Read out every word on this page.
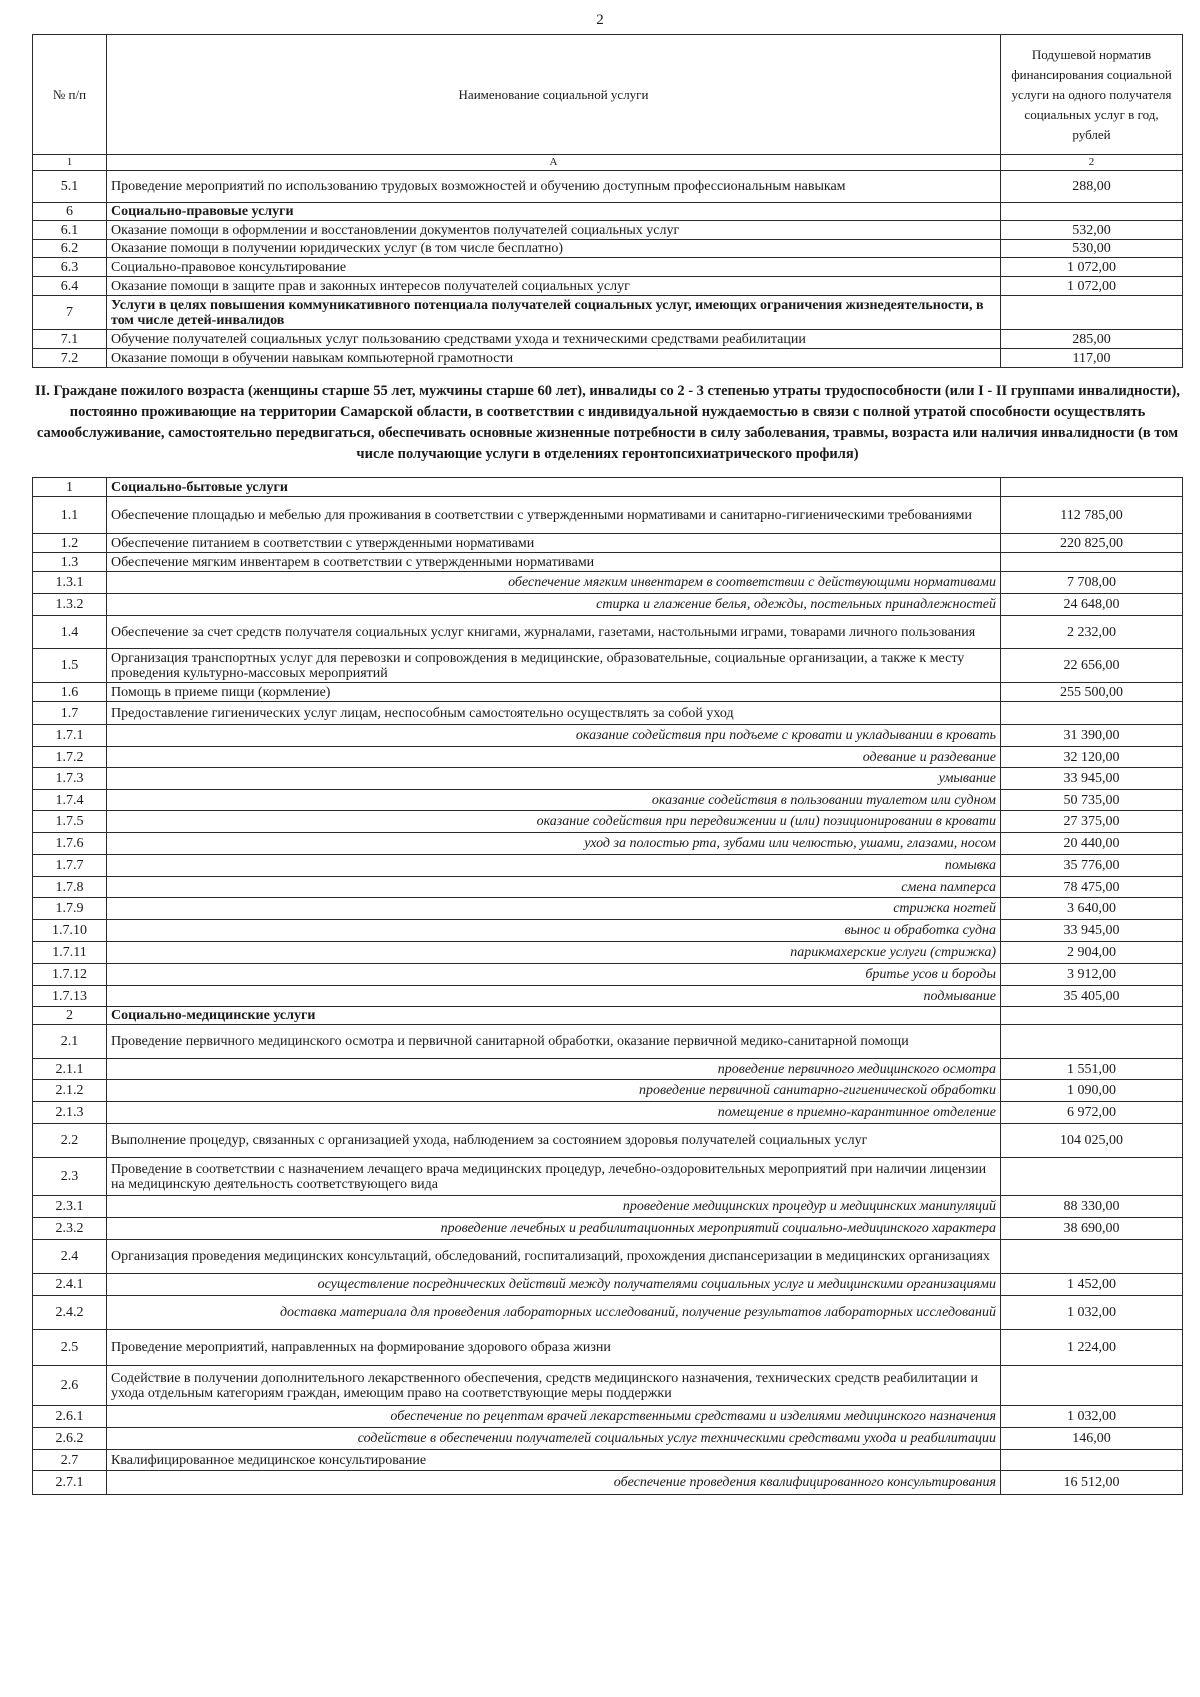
2
№ п/п	Наименование социальной услуги	Подушевой норматив финансирования социальной услуги на одного получателя социальных услуг в год, рублей
1	А	2
5.1	Проведение мероприятий по использованию трудовых возможностей и обучению доступным профессиональным навыкам	288,00
6	Социально-правовые услуги	
6.1	Оказание помощи в оформлении и восстановлении документов получателей социальных услуг	532,00
6.2	Оказание помощи в получении юридических услуг (в том числе бесплатно)	530,00
6.3	Социально-правовое консультирование	1 072,00
6.4	Оказание помощи в защите прав и законных интересов получателей социальных услуг	1 072,00
7	Услуги в целях повышения коммуникативного потенциала получателей социальных услуг, имеющих ограничения жизнедеятельности, в том числе детей-инвалидов	
7.1	Обучение получателей социальных услуг пользованию средствами ухода и техническими средствами реабилитации	285,00
7.2	Оказание помощи в обучении навыкам компьютерной грамотности	117,00
II. Граждане пожилого возраста (женщины старше 55 лет, мужчины старше 60 лет), инвалиды со 2 - 3 степенью утраты трудоспособности (или I - II группами инвалидности), постоянно проживающие на территории Самарской области, в соответствии с индивидуальной нуждаемостью в связи с полной утратой способности осуществлять самообслуживание, самостоятельно передвигаться, обеспечивать основные жизненные потребности в силу заболевания, травмы, возраста или наличия инвалидности (в том числе получающие услуги в отделениях геронтопсихиатрического профиля)		
1	Социально-бытовые услуги	
1.1	Обеспечение площадью и мебелью для проживания в соответствии с утвержденными нормативами и санитарно-гигиеническими требованиями	112 785,00
1.2	Обеспечение питанием в соответствии с утвержденными нормативами	220 825,00
1.3	Обеспечение мягким инвентарем в соответствии с утвержденными нормативами	
1.3.1	обеспечение мягким инвентарем в соответствии с действующими нормативами	7 708,00
1.3.2	стирка и глажение белья, одежды, постельных принадлежностей	24 648,00
1.4	Обеспечение за счет средств получателя социальных услуг книгами, журналами, газетами, настольными играми, товарами личного пользования	2 232,00
1.5	Организация транспортных услуг для перевозки и сопровождения в медицинские, образовательные, социальные организации, а также к месту проведения культурно-массовых мероприятий	22 656,00
1.6	Помощь в приеме пищи (кормление)	255 500,00
1.7	Предоставление гигиенических услуг лицам, неспособным самостоятельно осуществлять за собой уход	
1.7.1	оказание содействия при подъеме с кровати и укладывании в кровать	31 390,00
1.7.2	одевание и раздевание	32 120,00
1.7.3	умывание	33 945,00
1.7.4	оказание содействия в пользовании туалетом или судном	50 735,00
1.7.5	оказание содействия при передвижении и (или) позиционировании в кровати	27 375,00
1.7.6	уход за полостью рта, зубами или челюстью, ушами, глазами, носом	20 440,00
1.7.7	помывка	35 776,00
1.7.8	смена памперса	78 475,00
1.7.9	стрижка ногтей	3 640,00
1.7.10	вынос и обработка судна	33 945,00
1.7.11	парикмахерские услуги (стрижка)	2 904,00
1.7.12	бритье усов и бороды	3 912,00
1.7.13	подмывание	35 405,00
2	Социально-медицинские услуги	
2.1	Проведение первичного медицинского осмотра и первичной санитарной обработки, оказание первичной медико-санитарной помощи	
2.1.1	проведение первичного медицинского осмотра	1 551,00
2.1.2	проведение первичной санитарно-гигиенической обработки	1 090,00
2.1.3	помещение в приемно-карантинное отделение	6 972,00
2.2	Выполнение процедур, связанных с организацией ухода, наблюдением за состоянием здоровья получателей социальных услуг	104 025,00
2.3	Проведение в соответствии с назначением лечащего врача медицинских процедур, лечебно-оздоровительных мероприятий при наличии лицензии на медицинскую деятельность соответствующего вида	
2.3.1	проведение медицинских процедур и медицинских манипуляций	88 330,00
2.3.2	проведение лечебных и реабилитационных мероприятий социально-медицинского характера	38 690,00
2.4	Организация проведения медицинских консультаций, обследований, госпитализаций, прохождения диспансеризации в медицинских организациях	
2.4.1	осуществление посреднических действий между получателями социальных услуг и медицинскими организациями	1 452,00
2.4.2	доставка материала для проведения лабораторных исследований, получение результатов лабораторных исследований	1 032,00
2.5	Проведение мероприятий, направленных на формирование здорового образа жизни	1 224,00
2.6	Содействие в получении дополнительного лекарственного обеспечения, средств медицинского назначения, технических средств реабилитации и ухода отдельным категориям граждан, имеющим право на соответствующие меры поддержки	
2.6.1	обеспечение по рецептам врачей лекарственными средствами и изделиями медицинского назначения	1 032,00
2.6.2	содействие в обеспечении получателей социальных услуг техническими средствами ухода и реабилитации	146,00
2.7	Квалифицированное медицинское консультирование	
2.7.1	обеспечение проведения квалифицированного консультирования	16 512,00
